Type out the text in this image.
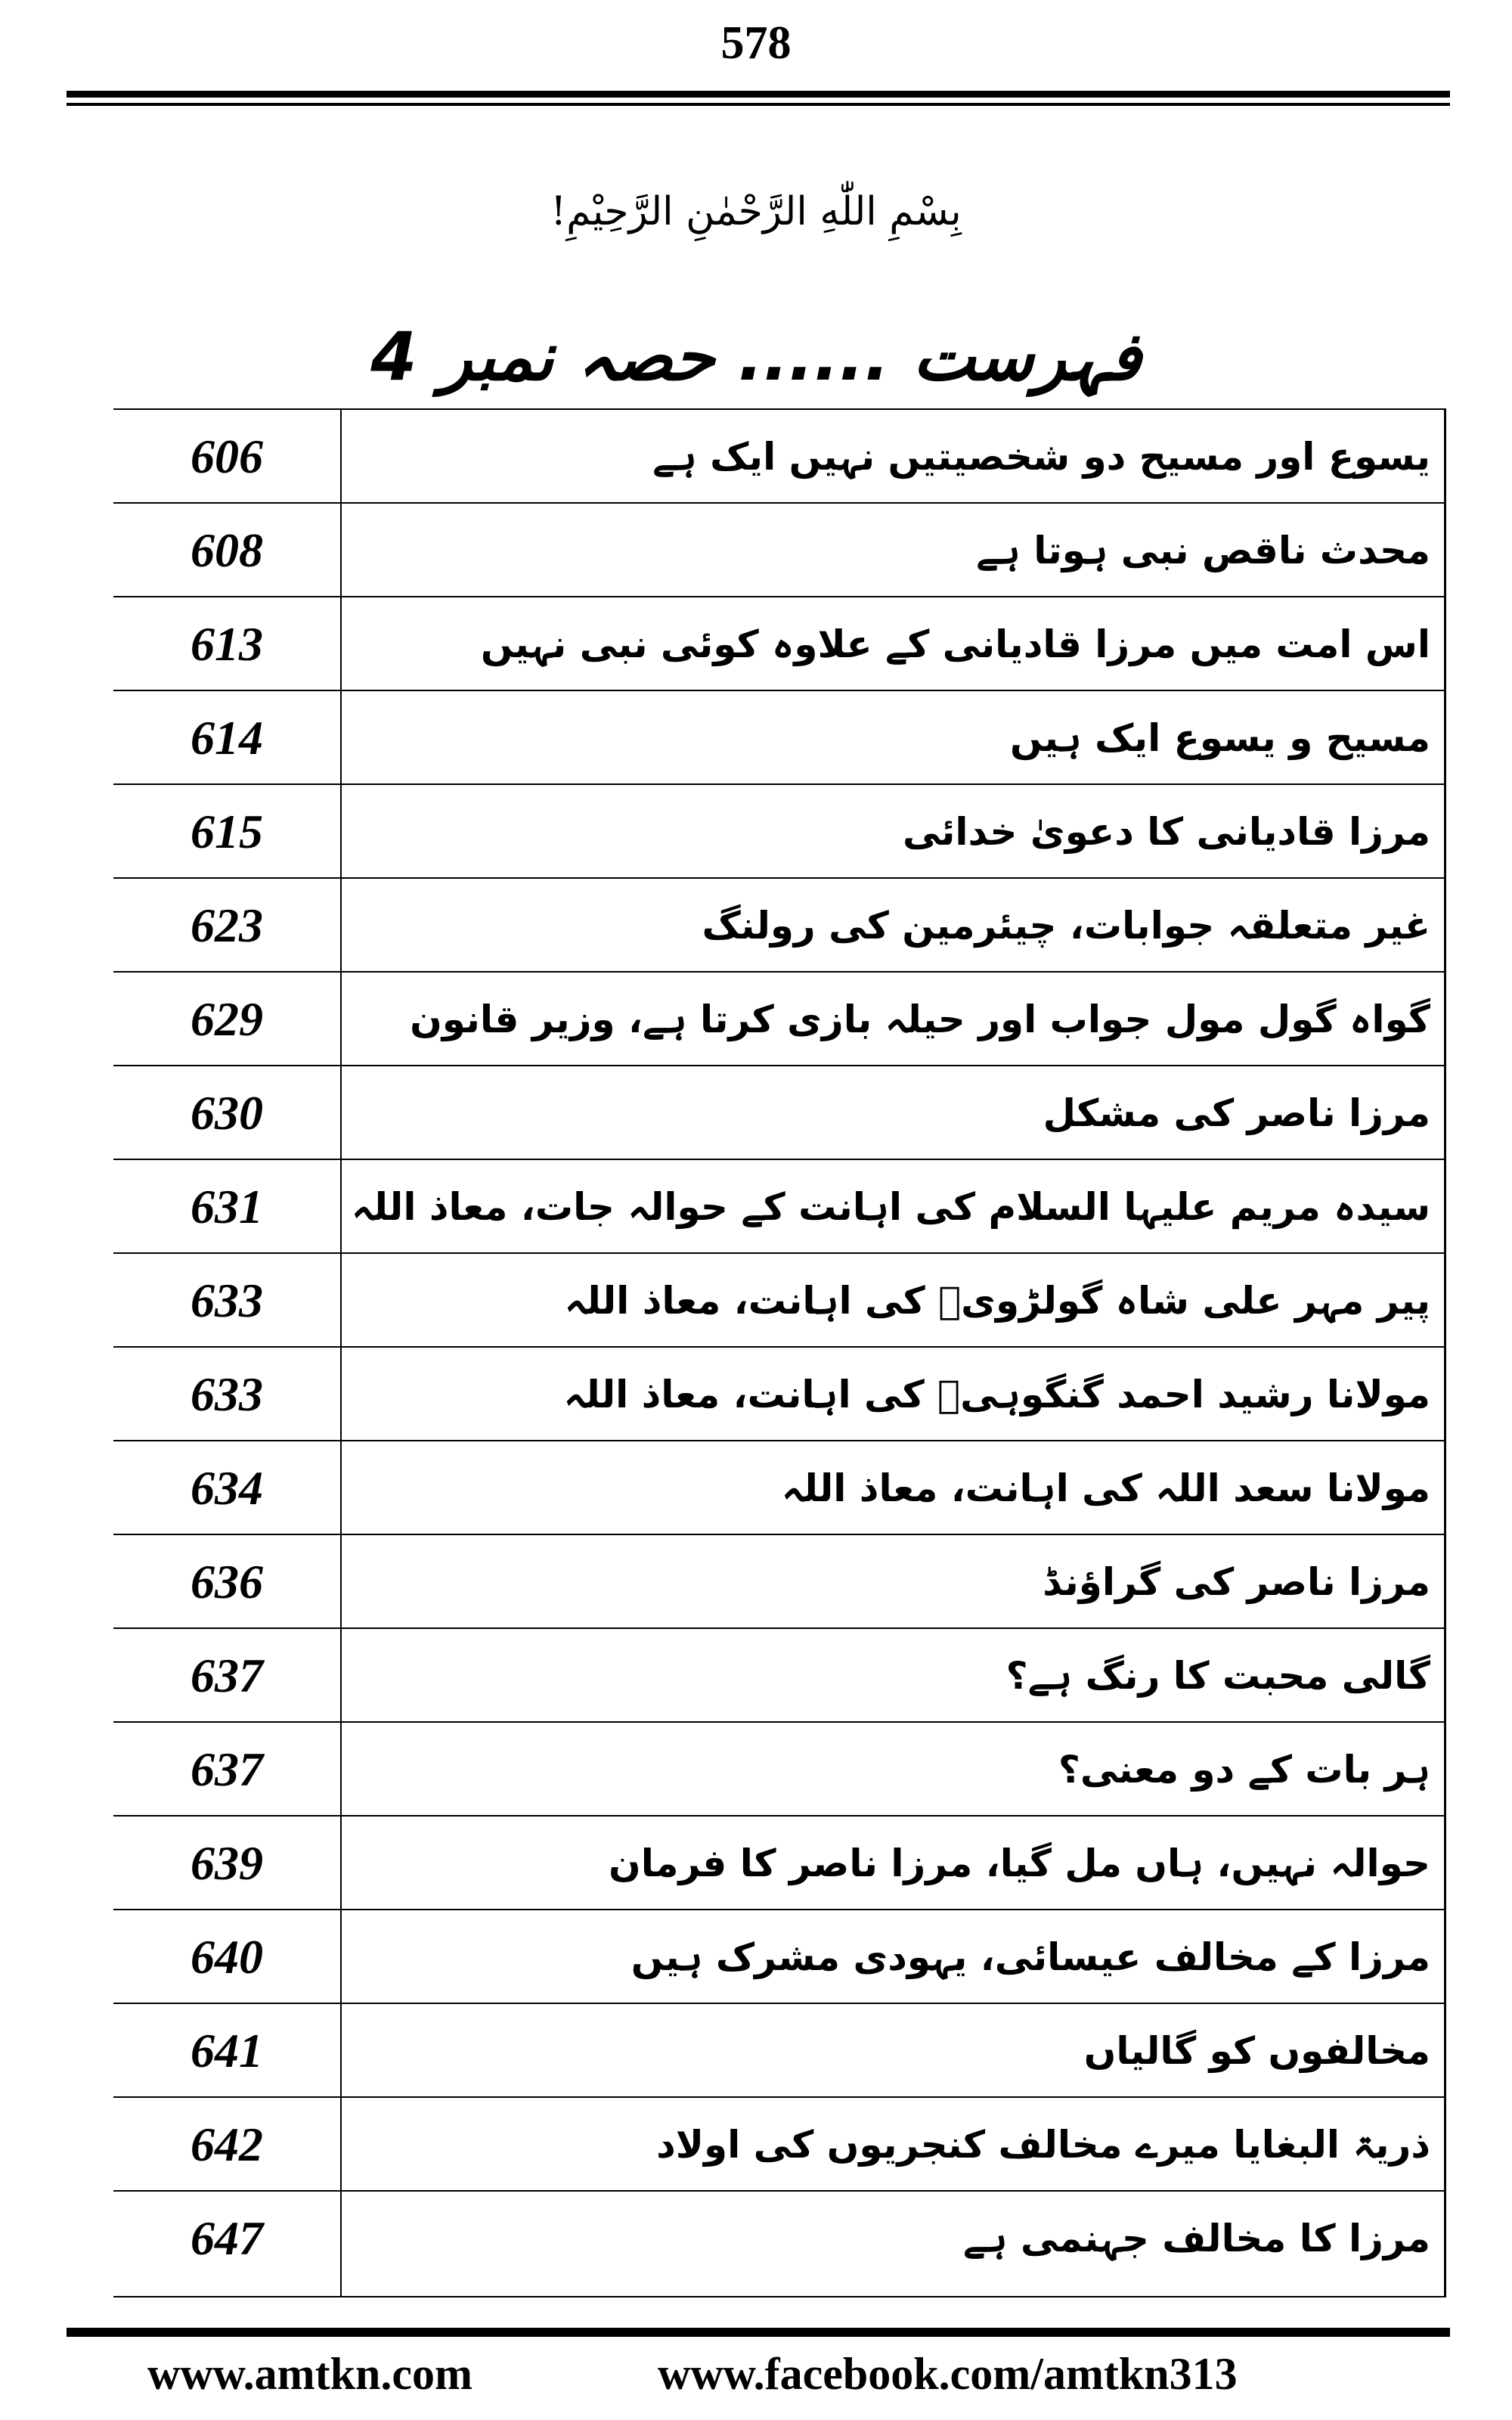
578
بِسْمِ اللّٰهِ الرَّحْمٰنِ الرَّحِيْمِ!
فہرست ...... حصہ نمبر 4
یسوع اور مسیح دو شخصیتیں نہیں ایک ہے
606
محدث ناقص نبی ہوتا ہے
608
اس امت میں مرزا قادیانی کے علاوہ کوئی نبی نہیں
613
مسیح و یسوع ایک ہیں
614
مرزا قادیانی کا دعویٰ خدائی
615
غیر متعلقہ جوابات، چیئرمین کی رولنگ
623
گواہ گول مول جواب اور حیلہ بازی کرتا ہے، وزیر قانون
629
مرزا ناصر کی مشکل
630
سیدہ مریم علیہا السلام کی اہانت کے حوالہ جات، معاذ اللہ
631
پیر مہر علی شاہ گولڑویؒ کی اہانت، معاذ اللہ
633
مولانا رشید احمد گنگوہیؒ کی اہانت، معاذ اللہ
633
مولانا سعد اللہ کی اہانت، معاذ اللہ
634
مرزا ناصر کی گراؤنڈ
636
گالی محبت کا رنگ ہے؟
637
ہر بات کے دو معنی؟
637
حوالہ نہیں، ہاں مل گیا، مرزا ناصر کا فرمان
639
مرزا کے مخالف عیسائی، یہودی مشرک ہیں
640
مخالفوں کو گالیاں
641
ذریۃ البغایا میرے مخالف کنجریوں کی اولاد
642
مرزا کا مخالف جہنمی ہے
647
www.amtkn.com	www.facebook.com/amtkn313
